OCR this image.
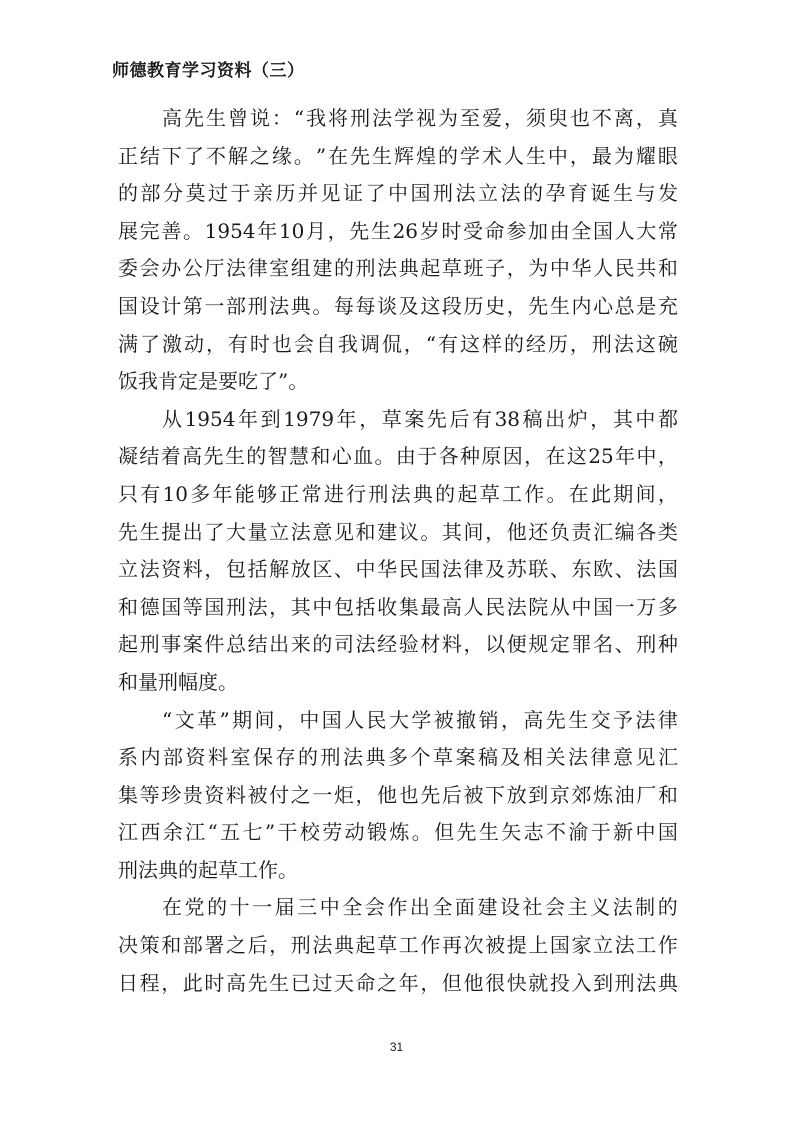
师德教育学习资料（三）
高 先 生 曾 说 ： “ 我 将 刑 法 学 视 为 至 爱 ， 须 臾 也 不 离 ， 真
正 结 下 了 不 解 之 缘 。 ” 在 先 生 辉 煌 的 学 术 人 生 中 ， 最 为 耀 眼
的 部 分 莫 过 于 亲 历 并 见 证 了 中 国 刑 法 立 法 的 孕 育 诞 生 与 发
展 完 善 。 1954 年 10 月 ， 先 生 26 岁 时 受 命 参 加 由 全 国 人 大 常
委 会 办 公 厅 法 律 室 组 建 的 刑 法 典 起 草 班 子 ， 为 中 华 人 民 共 和
国 设 计 第 一 部 刑 法 典 。 每 每 谈 及 这 段 历 史 ， 先 生 内 心 总 是 充
满 了 激 动 ， 有 时 也 会 自 我 调 侃 ， “ 有 这 样 的 经 历 ， 刑 法 这 碗
饭我肯定是要吃了”。
从 1954 年 到 1979 年 ， 草 案 先 后 有 38 稿 出 炉 ， 其 中 都
凝 结 着 高 先 生 的 智 慧 和 心 血 。 由 于 各 种 原 因 ， 在 这 25 年 中 ，
只 有 10 多 年 能 够 正 常 进 行 刑 法 典 的 起 草 工 作 。 在 此 期 间 ，
先 生 提 出 了 大 量 立 法 意 见 和 建 议 。 其 间 ， 他 还 负 责 汇 编 各 类
立 法 资 料 ， 包 括 解 放 区 、 中 华 民 国 法 律 及 苏 联 、 东 欧 、 法 国
和 德 国 等 国 刑 法 ， 其 中 包 括 收 集 最 高 人 民 法 院 从 中 国 一 万 多
起 刑 事 案 件 总 结 出 来 的 司 法 经 验 材 料 ， 以 便 规 定 罪 名 、 刑 种
和量刑幅度。
“ 文 革 ” 期 间 ， 中 国 人 民 大 学 被 撤 销 ， 高 先 生 交 予 法 律
系 内 部 资 料 室 保 存 的 刑 法 典 多 个 草 案 稿 及 相 关 法 律 意 见 汇
集 等 珍 贵 资 料 被 付 之 一 炬 ， 他 也 先 后 被 下 放 到 京 郊 炼 油 厂 和
江 西 余 江 “ 五 七 ” 干 校 劳 动 锻 炼 。 但 先 生 矢 志 不 渝 于 新 中 国
刑法典的起草工作。
在 党 的 十 一 届 三 中 全 会 作 出 全 面 建 设 社 会 主 义 法 制 的
决 策 和 部 署 之 后 ， 刑 法 典 起 草 工 作 再 次 被 提 上 国 家 立 法 工 作
日 程 ， 此 时 高 先 生 已 过 天 命 之 年 ， 但 他 很 快 就 投 入 到 刑 法 典
31
